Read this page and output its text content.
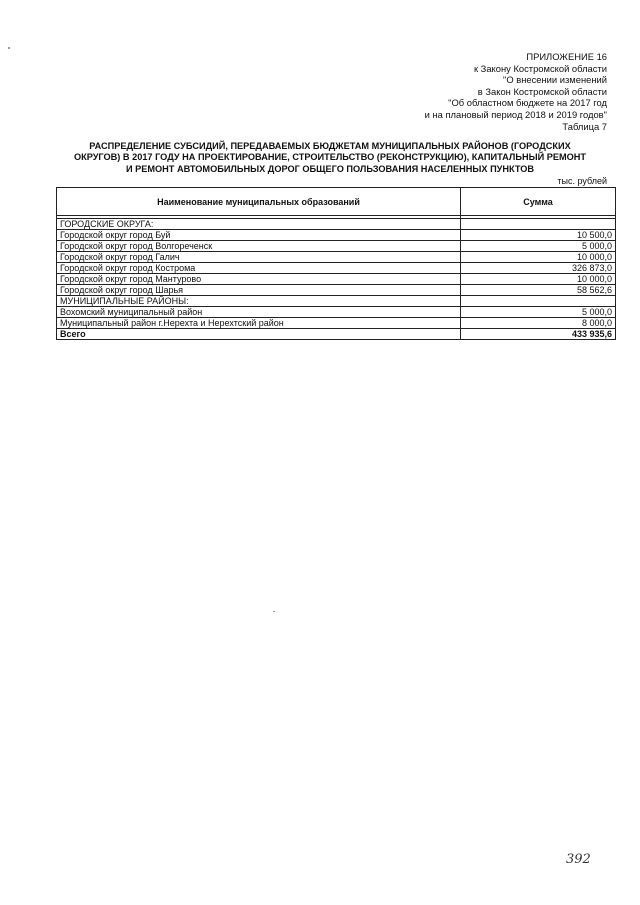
ПРИЛОЖЕНИЕ 16
к Закону Костромской области
"О внесении изменений
в Закон Костромской области
"Об областном бюджете на 2017 год
и на плановый период 2018 и 2019 годов"
Таблица 7
РАСПРЕДЕЛЕНИЕ СУБСИДИЙ, ПЕРЕДАВАЕМЫХ БЮДЖЕТАМ МУНИЦИПАЛЬНЫХ РАЙОНОВ (ГОРОДСКИХ
ОКРУГОВ) В 2017 ГОДУ НА ПРОЕКТИРОВАНИЕ, СТРОИТЕЛЬСТВО (РЕКОНСТРУКЦИЮ), КАПИТАЛЬНЫЙ РЕМОНТ
И РЕМОНТ АВТОМОБИЛЬНЫХ ДОРОГ ОБЩЕГО ПОЛЬЗОВАНИЯ НАСЕЛЕННЫХ ПУНКТОВ
тыс. рублей
Наименование муниципальных образований	Сумма

ГОРОДСКИЕ ОКРУГА:	
Городской округ город Буй	10 500,0
Городской округ город Волгореченск	5 000,0
Городской округ город Галич	10 000,0
Городской округ город Кострома	326 873,0
Городской округ город Мантурово	10 000,0
Городской округ город Шарья	58 562,6
МУНИЦИПАЛЬНЫЕ РАЙОНЫ:	
Вохомский муниципальный район	5 000,0
Муниципальный район г.Нерехта и Нерехтский район	8 000,0
Всего	433 935,6
392
